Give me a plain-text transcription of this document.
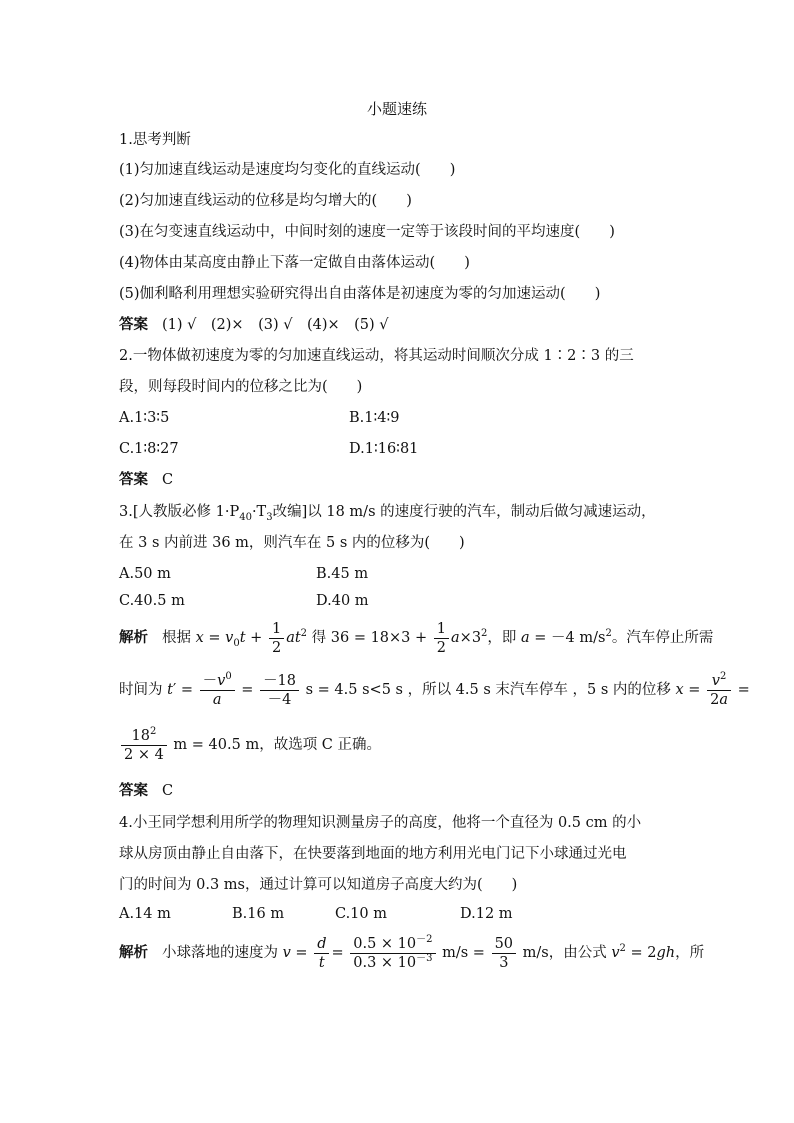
小题速练
1.思考判断
(1)匀加速直线运动是速度均匀变化的直线运动(　　)
(2)匀加速直线运动的位移是均匀增大的(　　)
(3)在匀变速直线运动中，中间时刻的速度一定等于该段时间的平均速度(　　)
(4)物体由某高度由静止下落一定做自由落体运动(　　)
(5)伽利略利用理想实验研究得出自由落体是初速度为零的匀加速运动(　　)
答案 (1) √　(2)×　(3) √　(4)×　(5) √
2.一物体做初速度为零的匀加速直线运动，将其运动时间顺次分成 1∶2∶3 的三
段，则每段时间内的位移之比为(　　)
A.1∶3∶5	B.1∶4∶9
C.1∶8∶27	D.1∶16∶81
答案 C
3.[人教版必修 $1\cdot P_{40}\cdot T_3$改编]以 18 m/s 的速度行驶的汽车，制动后做匀减速运动，
在 3 s 内前进 36 m，则汽车在 5 s 内的位移为(　　)
A.50 m	B.45 m
C.40.5 m	D.40 m
解析 根据 $x = v_0t + \frac{1}{2} at^2$ 得 $36 = 18\times 3 + \frac{1}{2} a\times 3^2$，即 a = －4 $m/s^2$。汽车停止所需
时间为 $t' = \frac{-v^0}{a} = \frac{-18}{-4}$ s = 4.5 s<5 s ，所以 4.5 s 末汽车停车 ，5 s 内的位移 $x = \frac{v^2}{2a}$ =
$\frac{18^2}{2 \times 4}$ m = 40.5 m，故选项 C 正确。
答案 C
4.小王同学想利用所学的物理知识测量房子的高度，他将一个直径为 0.5 cm 的小
球从房顶由静止自由落下，在快要落到地面的地方利用光电门记下小球通过光电
门的时间为 0.3 ms，通过计算可以知道房子高度大约为(　　)
A.14 m	B.16 m	C.10 m	D.12 m
解析 小球落地的速度为 $v = \frac{d}{t} = \frac{0.5 \times 10^{-2}}{0.3 \times 10^{-3}} m/s = \frac{50}{3} m/s$，由公式 $v^2 = 2gh$，所
